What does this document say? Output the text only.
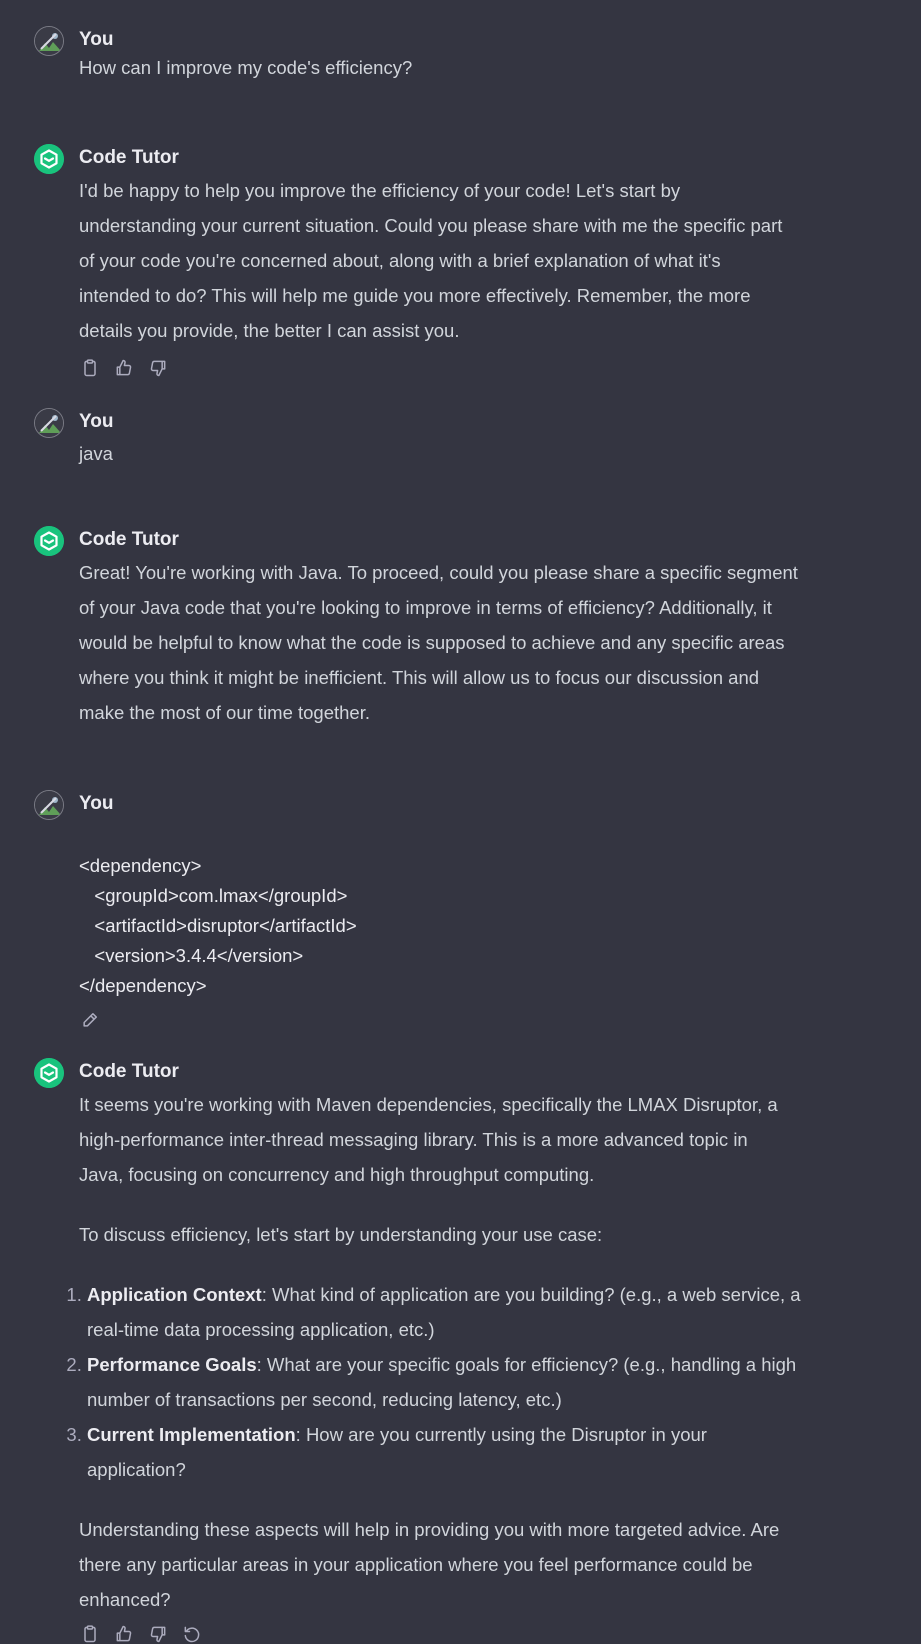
You
How can I improve my code's efficiency?
Code Tutor
I'd be happy to help you improve the efficiency of your code! Let's start by
understanding your current situation. Could you please share with me the specific part
of your code you're concerned about, along with a brief explanation of what it's
intended to do? This will help me guide you more effectively. Remember, the more
details you provide, the better I can assist you.
You
java
Code Tutor
Great! You're working with Java. To proceed, could you please share a specific segment
of your Java code that you're looking to improve in terms of efficiency? Additionally, it
would be helpful to know what the code is supposed to achieve and any specific areas
where you think it might be inefficient. This will allow us to focus our discussion and
make the most of our time together.
You
<dependency>
<groupId>com.lmax</groupId>
<artifactId>disruptor</artifactId>
<version>3.4.4</version>
</dependency>
Code Tutor
It seems you're working with Maven dependencies, specifically the LMAX Disruptor, a
high-performance inter-thread messaging library. This is a more advanced topic in
Java, focusing on concurrency and high throughput computing.
To discuss efficiency, let's start by understanding your use case:
1. Application Context: What kind of application are you building? (e.g., a web service, a
real-time data processing application, etc.)
2. Performance Goals: What are your specific goals for efficiency? (e.g., handling a high
number of transactions per second, reducing latency, etc.)
3. Current Implementation: How are you currently using the Disruptor in your
application?
Understanding these aspects will help in providing you with more targeted advice. Are
there any particular areas in your application where you feel performance could be
enhanced?
